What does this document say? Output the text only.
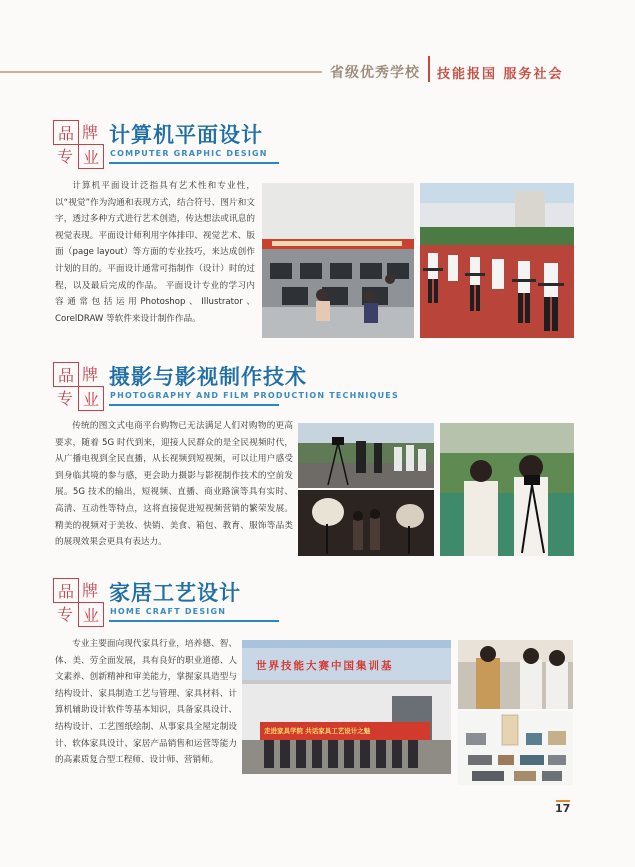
省级优秀学校 技能报国 服务社会
品 牌
专 业
计算机平面设计
COMPUTER GRAPHIC DESIGN

计算机平面设计泛指具有艺术性和专业性，以“视觉”作为沟通和表现方式，结合符号、图片和文字，透过多种方式进行艺术创造，传达想法或讯息的视觉表现。平面设计师利用字体排印、视觉艺术、版面（page layout）等方面的专业技巧，来达成创作计划的目的。平面设计通常可指制作（设计）时的过程，以及最后完成的作品。 平面设计专业的学习内容通常包括运用Photoshop、Illustrator、CorelDRAW 等软件来设计制作作品。

品 牌
专 业
摄影与影视制作技术
PHOTOGRAPHY AND FILM PRODUCTION TECHNIQUES

传统的图文式电商平台购物已无法满足人们对购物的更高要求，随着 5G 时代到来，迎接人民群众的是全民视频时代，从广播电视到全民直播，从长视频到短视频，可以让用户感受到身临其境的参与感，更会助力摄影与影视制作技术的空前发展。5G 技术的输出，短视频、直播、商业路演等具有实时、高清、互动性等特点，这将直接促进短视频营销的繁荣发展。精美的视频对于美妆、快销、美食、箱包、教育、服饰等品类的展现效果会更具有表达力。

品 牌
专 业
家居工艺设计
HOME CRAFT DESIGN

专业主要面向现代家具行业，培养德、智、体、美、劳全面发展，具有良好的职业道德、人文素养、创新精神和审美能力，掌握家具造型与结构设计、家具制造工艺与管理、家具材料、计算机辅助设计软件等基本知识，具备家具设计、结构设计、工艺图纸绘制、从事家具全屋定制设计、软体家具设计、家居产品销售和运营等能力的高素质复合型工程师、设计师、营销师。

世界技能大赛中国集训基
走进家具学院 共话家具工艺设计之魅
17
